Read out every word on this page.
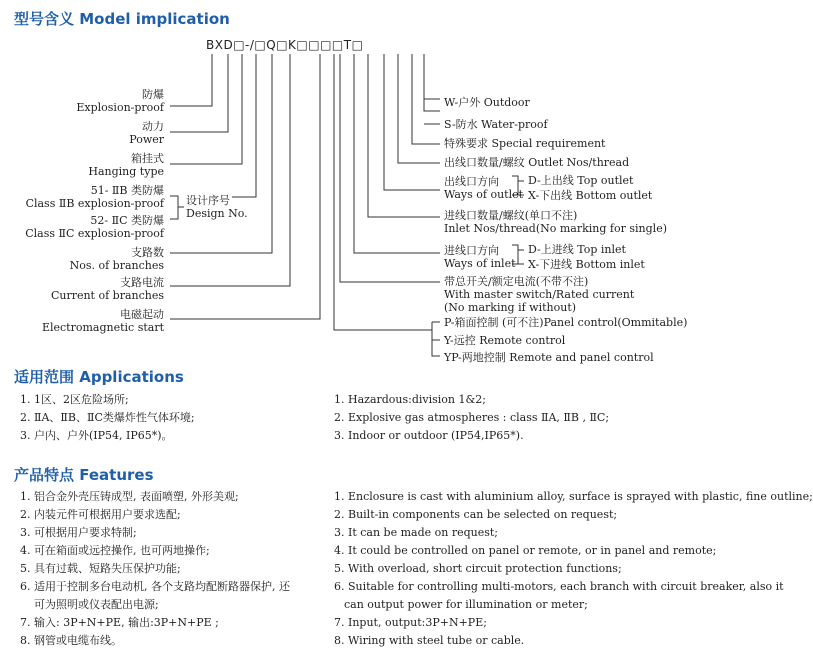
型号含义 Model implication
适用范围 Applications
产品特点 Features
BXD□-/□Q□K□□□□T□
防爆
Explosion-proof
动力
Power
箱挂式
Hanging type
51- ⅡB 类防爆
Class ⅡB explosion-proof
52- ⅡC 类防爆
Class ⅡC explosion-proof
设计序号
Design No.
支路数
Nos. of branches
支路电流
Current of branches
电磁起动
Electromagnetic start
W-户外 Outdoor
S-防水 Water-proof
特殊要求 Special requirement
出线口数量/螺纹 Outlet Nos/thread
出线口方向
Ways of outlet
D-上出线 Top outlet
X-下出线 Bottom outlet
进线口数量/螺纹(单口不注)
Inlet Nos/thread(No marking for single)
进线口方向
Ways of inlet
D-上进线 Top inlet
X-下进线 Bottom inlet
带总开关/额定电流(不带不注)
With master switch/Rated current
(No marking if without)
P-箱面控制 (可不注)Panel control(Ommitable)
Y-远控 Remote control
YP-两地控制 Remote and panel control
1. 1区、2区危险场所;
2. ⅡA、ⅡB、ⅡC类爆炸性气体环境;
3. 户内、户外(IP54, IP65*)。
1. Hazardous:division 1&2;
2. Explosive gas atmospheres : class ⅡA, ⅡB , ⅡC;
3. Indoor or outdoor (IP54,IP65*).
1. 铝合金外壳压铸成型, 表面喷塑, 外形美观;
2. 内装元件可根据用户要求选配;
3. 可根据用户要求特制;
4. 可在箱面或远控操作, 也可两地操作;
5. 具有过载、短路失压保护功能;
6. 适用于控制多台电动机, 各个支路均配断路器保护, 还
可为照明或仪表配出电源;
7. 输入: 3P+N+PE, 输出:3P+N+PE ;
8. 钢管或电缆布线。
1. Enclosure is cast with aluminium alloy, surface is sprayed with plastic, fine outline;
2. Built-in components can be selected on request;
3. It can be made on request;
4. It could be controlled on panel or remote, or in panel and remote;
5. With overload, short circuit protection functions;
6. Suitable for controlling multi-motors, each branch with circuit breaker, also it
can output power for illumination or meter;
7. Input, output:3P+N+PE;
8. Wiring with steel tube or cable.
